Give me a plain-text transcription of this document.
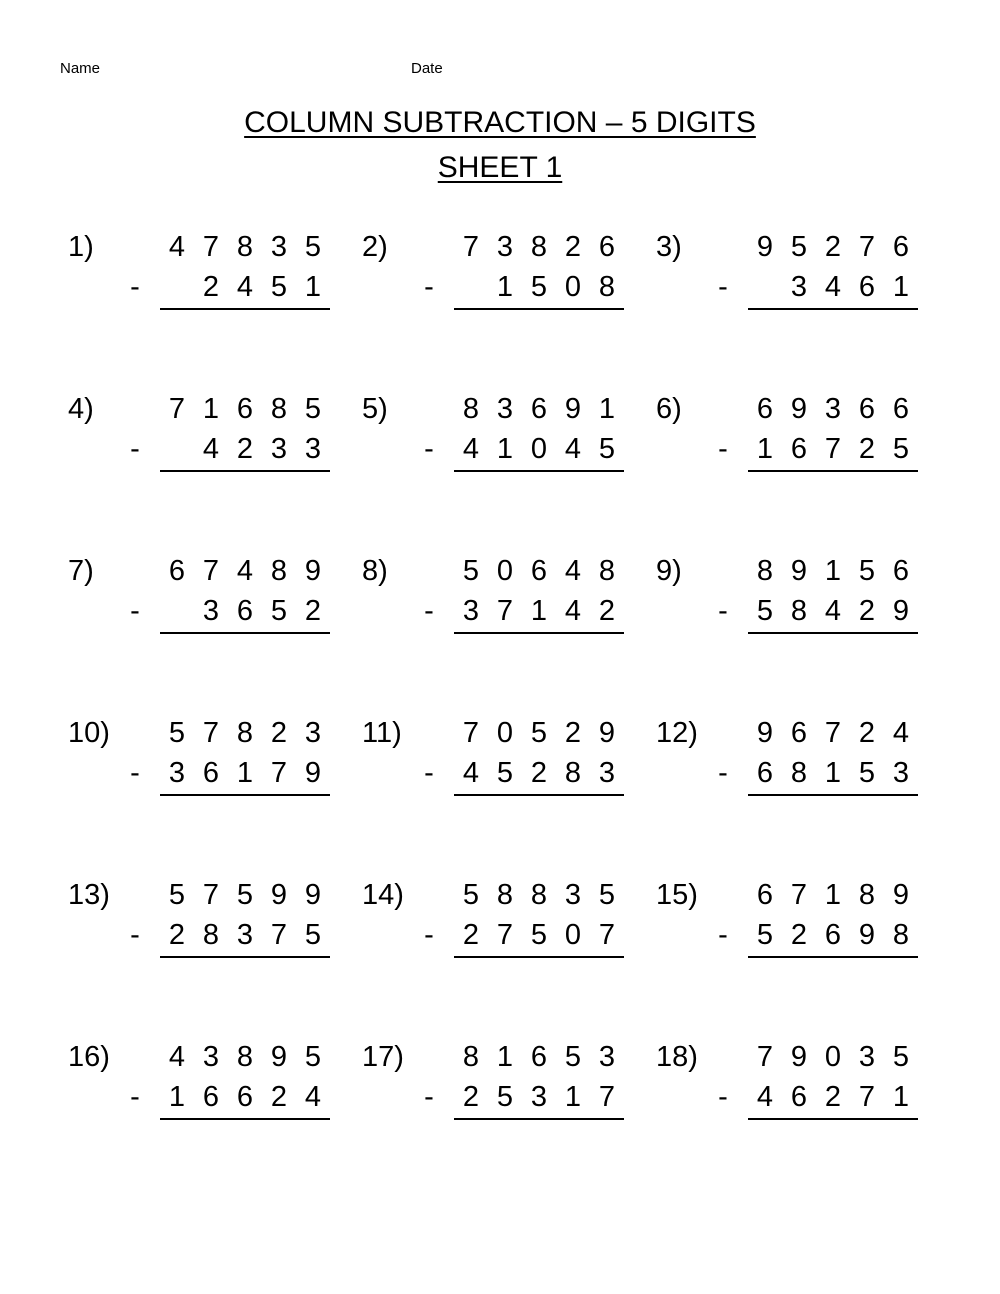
Name	Date
COLUMN SUBTRACTION – 5 DIGITS
SHEET 1
1)	4 7 8 3 5
-	2 4 5 1
2)	7 3 8 2 6
-	1 5 0 8
3)	9 5 2 7 6
-	3 4 6 1
4)	7 1 6 8 5
-	4 2 3 3
5)	8 3 6 9 1
-	4 1 0 4 5
6)	6 9 3 6 6
-	1 6 7 2 5
7)	6 7 4 8 9
-	3 6 5 2
8)	5 0 6 4 8
-	3 7 1 4 2
9)	8 9 1 5 6
-	5 8 4 2 9
10)	5 7 8 2 3
-	3 6 1 7 9
11)	7 0 5 2 9
-	4 5 2 8 3
12)	9 6 7 2 4
-	6 8 1 5 3
13)	5 7 5 9 9
-	2 8 3 7 5
14)	5 8 8 3 5
-	2 7 5 0 7
15)	6 7 1 8 9
-	5 2 6 9 8
16)	4 3 8 9 5
-	1 6 6 2 4
17)	8 1 6 5 3
-	2 5 3 1 7
18)	7 9 0 3 5
-	4 6 2 7 1
